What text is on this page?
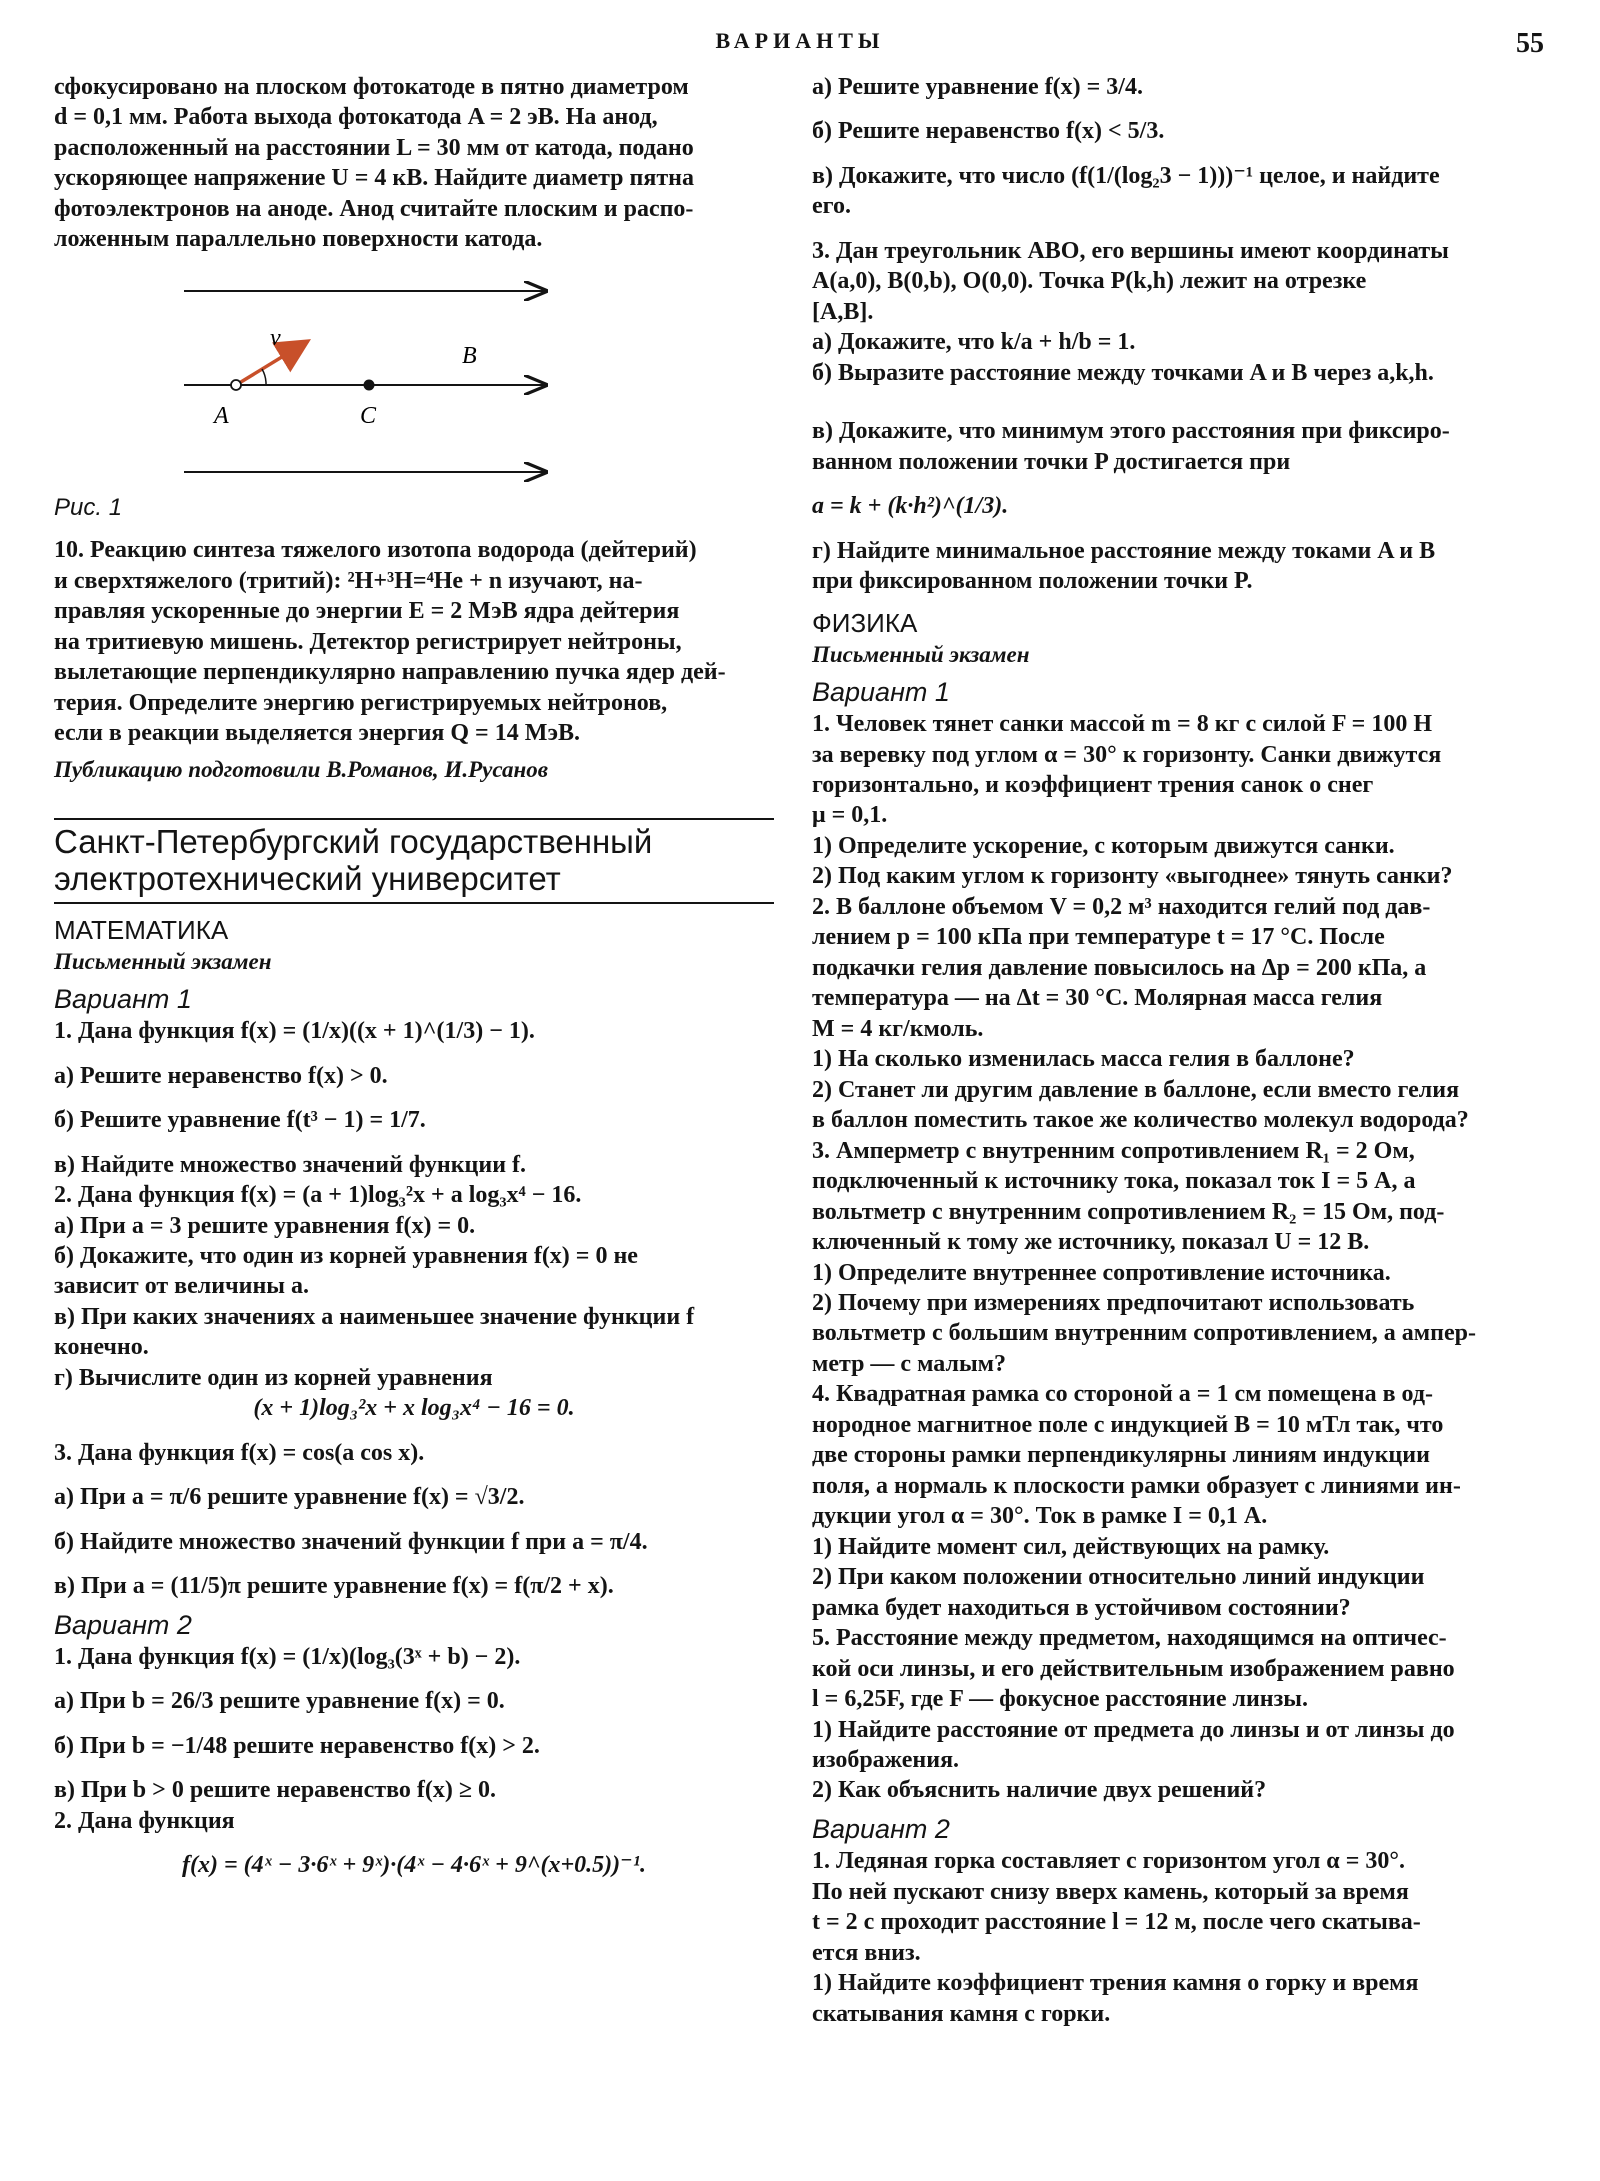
ВАРИАНТЫ	55

сфокусировано на плоском фотокатоде в пятно диаметром

d = 0,1 мм. Работа выхода фотокатода A = 2 эВ. На анод,

расположенный на расстоянии L = 30 мм от катода, подано

ускоряющее напряжение U = 4 кВ. Найдите диаметр пятна

фотоэлектронов на аноде. Анод считайте плоским и распо-

ложенным параллельно поверхности катода.

v
B
A	C

Рис. 1

10. Реакцию синтеза тяжелого изотопа водорода (дейтерий)

и сверхтяжелого (тритий): ²H+³H=⁴He + n изучают, на-

правляя ускоренные до энергии E = 2 МэВ ядра дейтерия

на тритиевую мишень. Детектор регистрирует нейтроны,

вылетающие перпендикулярно направлению пучка ядер дей-

терия. Определите энергию регистрируемых нейтронов,

если в реакции выделяется энергия Q = 14 МэВ.

Публикацию подготовили В.Романов, И.Русанов

Санкт-Петербургский государственный
электротехнический университет

МАТЕМАТИКА

Письменный экзамен

Вариант 1

1. Дана функция f(x) = (1/x)((x + 1)^(1/3) − 1).

а) Решите неравенство f(x) > 0.

б) Решите уравнение f(t³ − 1) = 1/7.

в) Найдите множество значений функции f.

2. Дана функция f(x) = (a + 1)log₃²x + a log₃x⁴ − 16.

а) При a = 3 решите уравнения f(x) = 0.

б) Докажите, что один из корней уравнения f(x) = 0 не

зависит от величины a.

в) При каких значениях a наименьшее значение функции f

конечно.

г) Вычислите один из корней уравнения

(x + 1)log₃²x + x log₃x⁴ − 16 = 0.

3. Дана функция f(x) = cos(a cos x).

а) При a = π/6 решите уравнение f(x) = √3/2.

б) Найдите множество значений функции f при a = π/4.

в) При a = (11/5)π решите уравнение f(x) = f(π/2 + x).

Вариант 2

1. Дана функция f(x) = (1/x)(log₃(3ˣ + b) − 2).

а) При b = 26/3 решите уравнение f(x) = 0.

б) При b = −1/48 решите неравенство f(x) > 2.

в) При b > 0 решите неравенство f(x) ≥ 0.

2. Дана функция

f(x) = (4ˣ − 3·6ˣ + 9ˣ)·(4ˣ − 4·6ˣ + 9^(x+0.5))⁻¹.

а) Решите уравнение f(x) = 3/4.

б) Решите неравенство f(x) < 5/3.

в) Докажите, что число (f(1/(log₂3 − 1)))⁻¹ целое, и найдите

его.

3. Дан треугольник ABO, его вершины имеют координаты

A(a,0), B(0,b), O(0,0). Точка P(k,h) лежит на отрезке

[A,B].

а) Докажите, что k/a + h/b = 1.

б) Выразите расстояние между точками A и B через a,k,h.

в) Докажите, что минимум этого расстояния при фиксиро-

ванном положении точки P достигается при

a = k + (k·h²)^(1/3).

г) Найдите минимальное расстояние между токами A и B

при фиксированном положении точки P.

ФИЗИКА

Письменный экзамен

Вариант 1

1. Человек тянет санки массой m = 8 кг с силой F = 100 Н

за веревку под углом α = 30° к горизонту. Санки движутся

горизонтально, и коэффициент трения санок о снег

μ = 0,1.

1) Определите ускорение, с которым движутся санки.

2) Под каким углом к горизонту «выгоднее» тянуть санки?

2. В баллоне объемом V = 0,2 м³ находится гелий под дав-

лением p = 100 кПа при температуре t = 17 °C. После

подкачки гелия давление повысилось на Δp = 200 кПа, а

температура — на Δt = 30 °C. Молярная масса гелия

M = 4 кг/кмоль.

1) На сколько изменилась масса гелия в баллоне?

2) Станет ли другим давление в баллоне, если вместо гелия

в баллон поместить такое же количество молекул водорода?

3. Амперметр с внутренним сопротивлением R₁ = 2 Ом,

подключенный к источнику тока, показал ток I = 5 А, а

вольтметр с внутренним сопротивлением R₂ = 15 Ом, под-

ключенный к тому же источнику, показал U = 12 В.

1) Определите внутреннее сопротивление источника.

2) Почему при измерениях предпочитают использовать

вольтметр с большим внутренним сопротивлением, а ампер-

метр — с малым?

4. Квадратная рамка со стороной a = 1 см помещена в од-

нородное магнитное поле с индукцией B = 10 мТл так, что

две стороны рамки перпендикулярны линиям индукции

поля, а нормаль к плоскости рамки образует с линиями ин-

дукции угол α = 30°. Ток в рамке I = 0,1 А.

1) Найдите момент сил, действующих на рамку.

2) При каком положении относительно линий индукции

рамка будет находиться в устойчивом состоянии?

5. Расстояние между предметом, находящимся на оптичес-

кой оси линзы, и его действительным изображением равно

l = 6,25F, где F — фокусное расстояние линзы.

1) Найдите расстояние от предмета до линзы и от линзы до

изображения.

2) Как объяснить наличие двух решений?

Вариант 2

1. Ледяная горка составляет с горизонтом угол α = 30°.

По ней пускают снизу вверх камень, который за время

t = 2 с проходит расстояние l = 12 м, после чего скатыва-

ется вниз.

1) Найдите коэффициент трения камня о горку и время

скатывания камня с горки.
